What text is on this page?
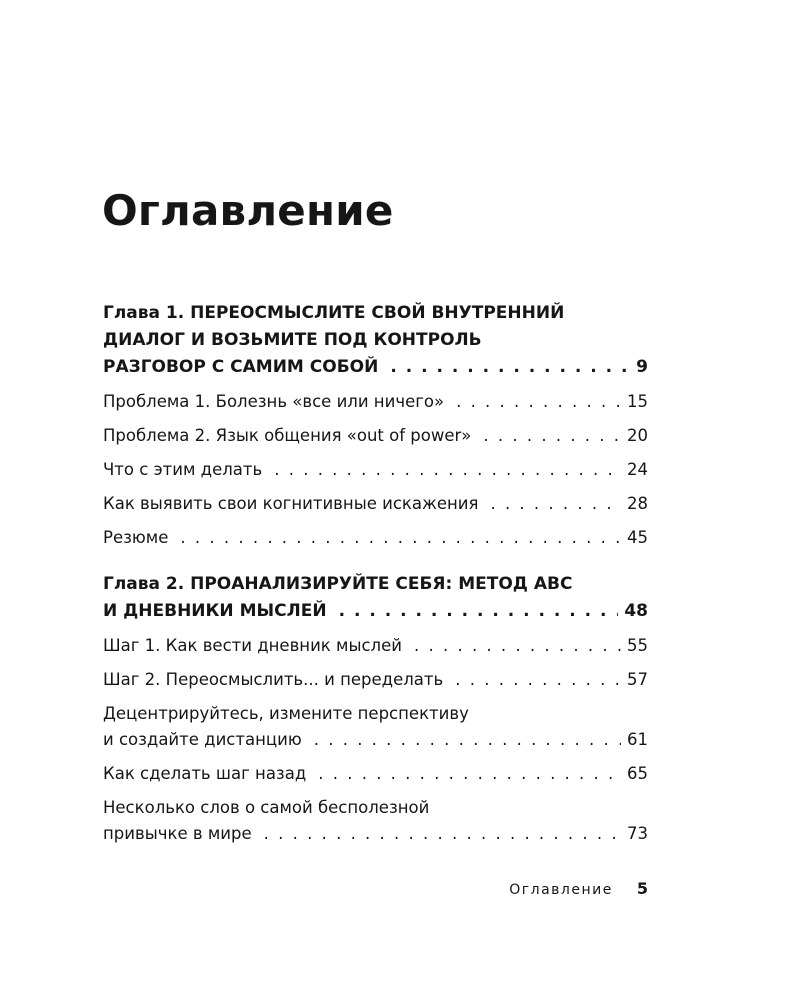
Оглавление
Глава 1. ПЕРЕОСМЫСЛИТЕ СВОЙ ВНУТРЕННИЙ
ДИАЛОГ И ВОЗЬМИТЕ ПОД КОНТРОЛЬ
РАЗГОВОР С САМИМ СОБОЙ . . .	9
Проблема 1. Болезнь «все или ничего» . . .	15
Проблема 2. Язык общения «out of power» . . .	20
Что с этим делать . . .	24
Как выявить свои когнитивные искажения . . .	28
Резюме . . .	45
Глава 2. ПРОАНАЛИЗИРУЙТЕ СЕБЯ: МЕТОД ABC
И ДНЕВНИКИ МЫСЛЕЙ . . .	48
Шаг 1. Как вести дневник мыслей . . .	55
Шаг 2. Переосмыслить... и переделать . . .	57
Децентрируйтесь, измените перспективу
и создайте дистанцию . . .	61
Как сделать шаг назад . . .	65
Несколько слов о самой бесполезной
привычке в мире . . .	73
Оглавление 5
